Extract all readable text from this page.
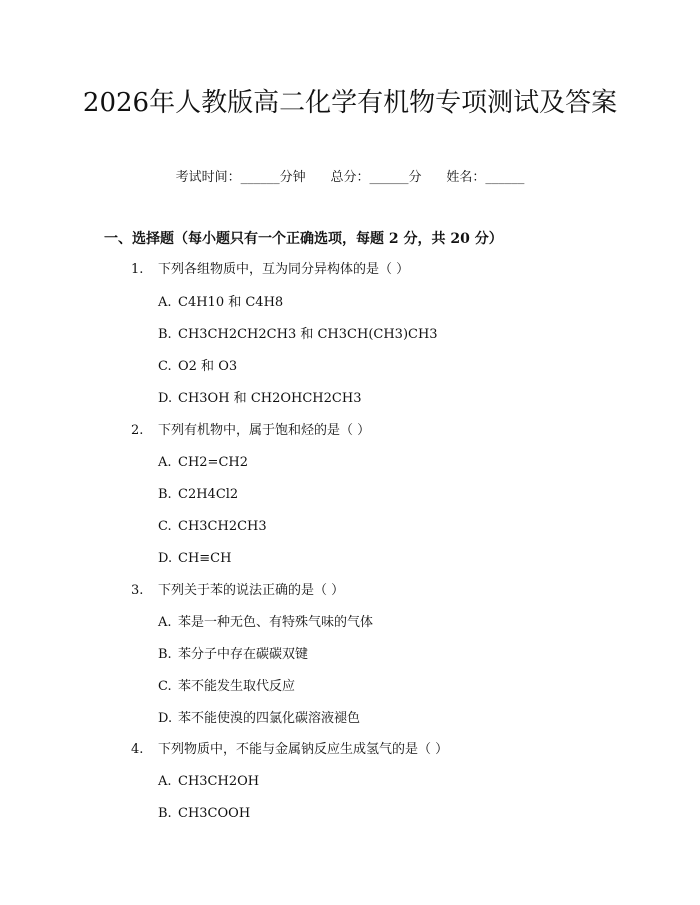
2026年人教版高二化学有机物专项测试及答案
考试时间：______分钟 总分：______分 姓名：______
一、选择题（每小题只有一个正确选项，每题 2 分，共 20 分）
1. 下列各组物质中，互为同分异构体的是（ ）
A. C4H10 和 C4H8
B. CH3CH2CH2CH3 和 CH3CH(CH3)CH3
C. O2 和 O3
D. CH3OH 和 CH2OHCH2CH3
2. 下列有机物中，属于饱和烃的是（ ）
A. CH2=CH2
B. C2H4Cl2
C. CH3CH2CH3
D. CH≡CH
3. 下列关于苯的说法正确的是（ ）
A. 苯是一种无色、有特殊气味的气体
B. 苯分子中存在碳碳双键
C. 苯不能发生取代反应
D. 苯不能使溴的四氯化碳溶液褪色
4. 下列物质中，不能与金属钠反应生成氢气的是（ ）
A. CH3CH2OH
B. CH3COOH
